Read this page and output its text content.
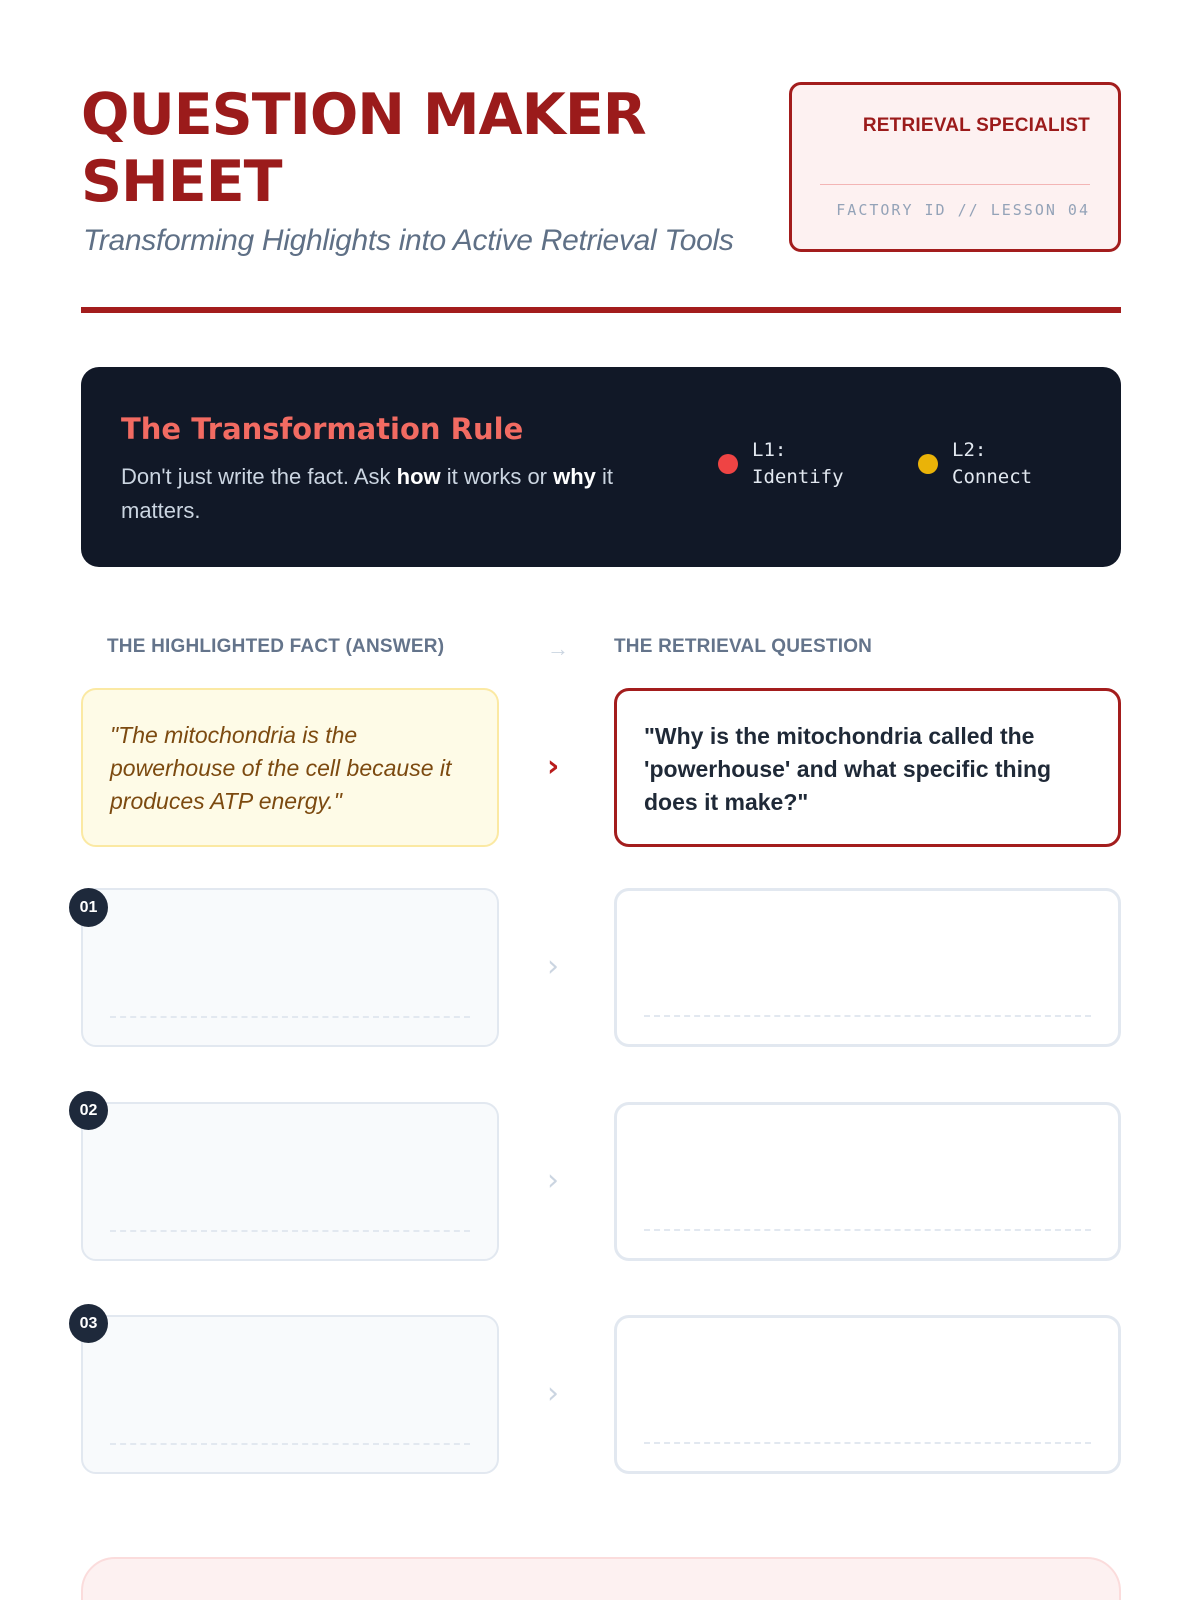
QUESTION MAKER SHEET
Transforming Highlights into Active Retrieval Tools
RETRIEVAL SPECIALIST
FACTORY ID // LESSON 04
The Transformation Rule

Don't just write the fact. Ask how it works or why it matters.

L1:
Identify
L2:
Connect
THE HIGHLIGHTED FACT (ANSWER)	→ THE RETRIEVAL QUESTION

"The mitochondria is the powerhouse of the cell because it produces ATP energy."

›

"Why is the mitochondria called the 'powerhouse' and what specific thing does it make?"

01
›
02
›
03
›
